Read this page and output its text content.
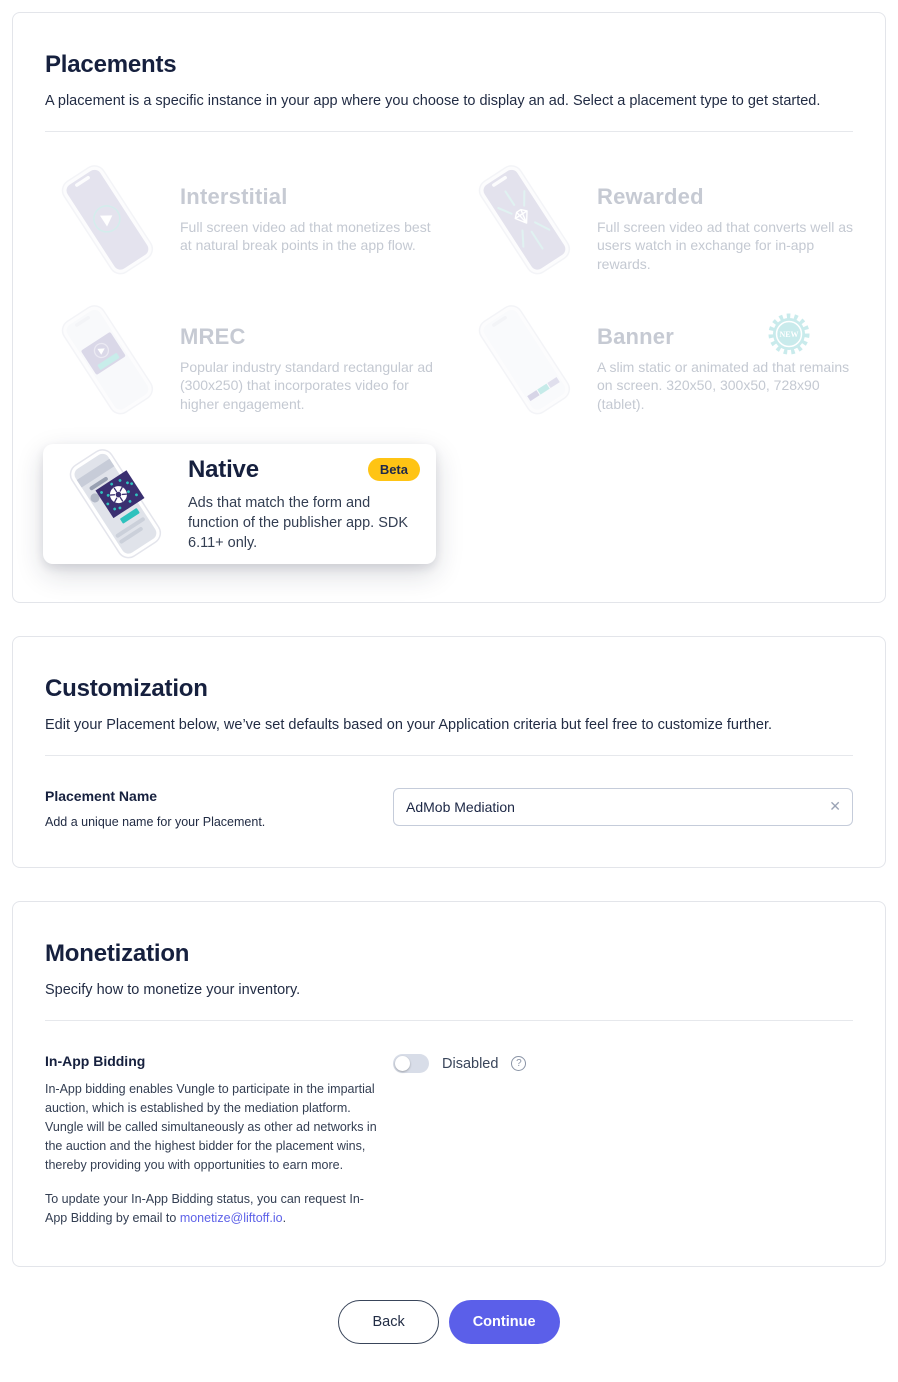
Placements

A placement is a specific instance in your app where you choose to display an ad. Select a placement type to get started.

Interstitial
Full screen video ad that monetizes best at natural break points in the app flow.
Rewarded
Full screen video ad that converts well as users watch in exchange for in-app rewards.
MREC
Popular industry standard rectangular ad (300x250) that incorporates video for higher engagement.
Banner
A slim static or animated ad that remains on screen. 320x50, 300x50, 728x90 (tablet).
NEW
Native	Beta
Ads that match the form and function of the publisher app. SDK 6.11+ only.
Customization

Edit your Placement below, we’ve set defaults based on your Application criteria but feel free to customize further.

Placement Name
Add a unique name for your Placement.
AdMob Mediation
✕
Monetization

Specify how to monetize your inventory.

In-App Bidding

In-App bidding enables Vungle to participate in the impartial auction, which is established by the mediation platform. Vungle will be called simultaneously as other ad networks in the auction and the highest bidder for the placement wins, thereby providing you with opportunities to earn more.

To update your In-App Bidding status, you can request In-App Bidding by email to monetize@liftoff.io.

Disabled	?
Back	Continue
